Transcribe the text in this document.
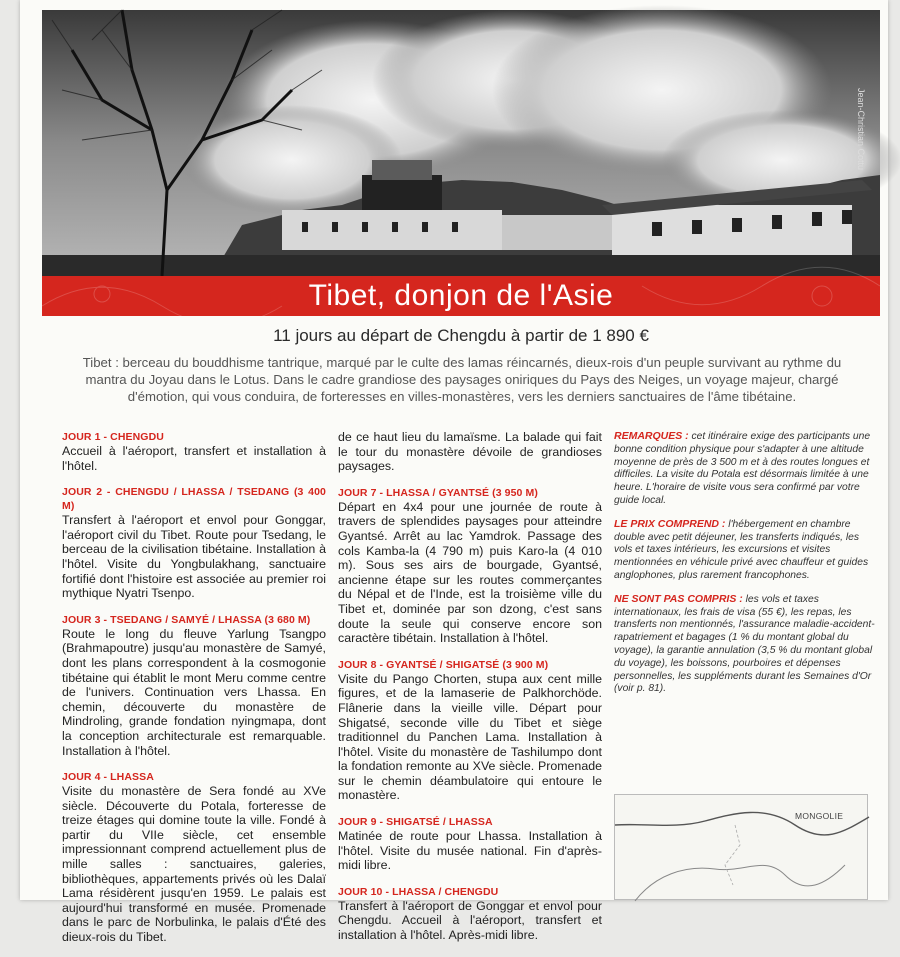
Jean-Christian Cottu
Tibet, donjon de l'Asie
11 jours au départ de Chengdu à partir de 1 890 €
Tibet : berceau du bouddhisme tantrique, marqué par le culte des lamas réincarnés, dieux-rois d'un peuple survivant au rythme du mantra du Joyau dans le Lotus. Dans le cadre grandiose des paysages oniriques du Pays des Neiges, un voyage majeur, chargé d'émotion, qui vous conduira, de forteresses en villes-monastères, vers les derniers sanctuaires de l'âme tibétaine.
JOUR 1 - CHENGDU
Accueil à l'aéroport, transfert et installation à l'hôtel.
JOUR 2 - CHENGDU / LHASSA / TSEDANG (3 400 M)
Transfert à l'aéroport et envol pour Gonggar, l'aéroport civil du Tibet. Route pour Tsedang, le berceau de la civilisation tibétaine. Installation à l'hôtel. Visite du Yongbulakhang, sanctuaire fortifié dont l'histoire est associée au premier roi mythique Nyatri Tsenpo.
JOUR 3 - TSEDANG / SAMYÉ / LHASSA (3 680 M)
Route le long du fleuve Yarlung Tsangpo (Brahmapoutre) jusqu'au monastère de Samyé, dont les plans correspondent à la cosmogonie tibétaine qui établit le mont Meru comme centre de l'univers. Continuation vers Lhassa. En chemin, découverte du monastère de Mindroling, grande fondation nyingmapa, dont la conception architecturale est remarquable. Installation à l'hôtel.
JOUR 4 - LHASSA
Visite du monastère de Sera fondé au XVe siècle. Découverte du Potala, forteresse de treize étages qui domine toute la ville. Fondé à partir du VIIe siècle, cet ensemble impressionnant comprend actuellement plus de mille salles : sanctuaires, galeries, bibliothèques, appartements privés où les Dalaï Lama résidèrent jusqu'en 1959. Le palais est aujourd'hui transformé en musée. Promenade dans le parc de Norbulinka, le palais d'Été des dieux-rois du Tibet.
de ce haut lieu du lamaïsme. La balade qui fait le tour du monastère dévoile de grandioses paysages.
JOUR 7 - LHASSA / GYANTSÉ (3 950 M)
Départ en 4x4 pour une journée de route à travers de splendides paysages pour atteindre Gyantsé. Arrêt au lac Yamdrok. Passage des cols Kamba-la (4 790 m) puis Karo-la (4 010 m). Sous ses airs de bourgade, Gyantsé, ancienne étape sur les routes commerçantes du Népal et de l'Inde, est la troisième ville du Tibet et, dominée par son dzong, c'est sans doute la seule qui conserve encore son caractère tibétain. Installation à l'hôtel.
JOUR 8 - GYANTSÉ / SHIGATSÉ (3 900 M)
Visite du Pango Chorten, stupa aux cent mille figures, et de la lamaserie de Palkhorchöde. Flânerie dans la vieille ville. Départ pour Shigatsé, seconde ville du Tibet et siège traditionnel du Panchen Lama. Installation à l'hôtel. Visite du monastère de Tashilumpo dont la fondation remonte au XVe siècle. Promenade sur le chemin déambulatoire qui entoure le monastère.
JOUR 9 - SHIGATSÉ / LHASSA
Matinée de route pour Lhassa. Installation à l'hôtel. Visite du musée national. Fin d'après-midi libre.
JOUR 10 - LHASSA / CHENGDU
Transfert à l'aéroport de Gonggar et envol pour Chengdu. Accueil à l'aéroport, transfert et installation à l'hôtel. Après-midi libre.
REMARQUES : cet itinéraire exige des participants une bonne condition physique pour s'adapter à une altitude moyenne de près de 3 500 m et à des routes longues et difficiles. La visite du Potala est désormais limitée à une heure. L'horaire de visite vous sera confirmé par votre guide local.
LE PRIX COMPREND : l'hébergement en chambre double avec petit déjeuner, les transferts indiqués, les vols et taxes intérieurs, les excursions et visites mentionnées en véhicule privé avec chauffeur et guides anglophones, plus rarement francophones.
NE SONT PAS COMPRIS : les vols et taxes internationaux, les frais de visa (55 €), les repas, les transferts non mentionnés, l'assurance maladie-accident-rapatriement et bagages (1 % du montant global du voyage), la garantie annulation (3,5 % du montant global du voyage), les boissons, pourboires et dépenses personnelles, les suppléments durant les Semaines d'Or (voir p. 81).
MONGOLIE
